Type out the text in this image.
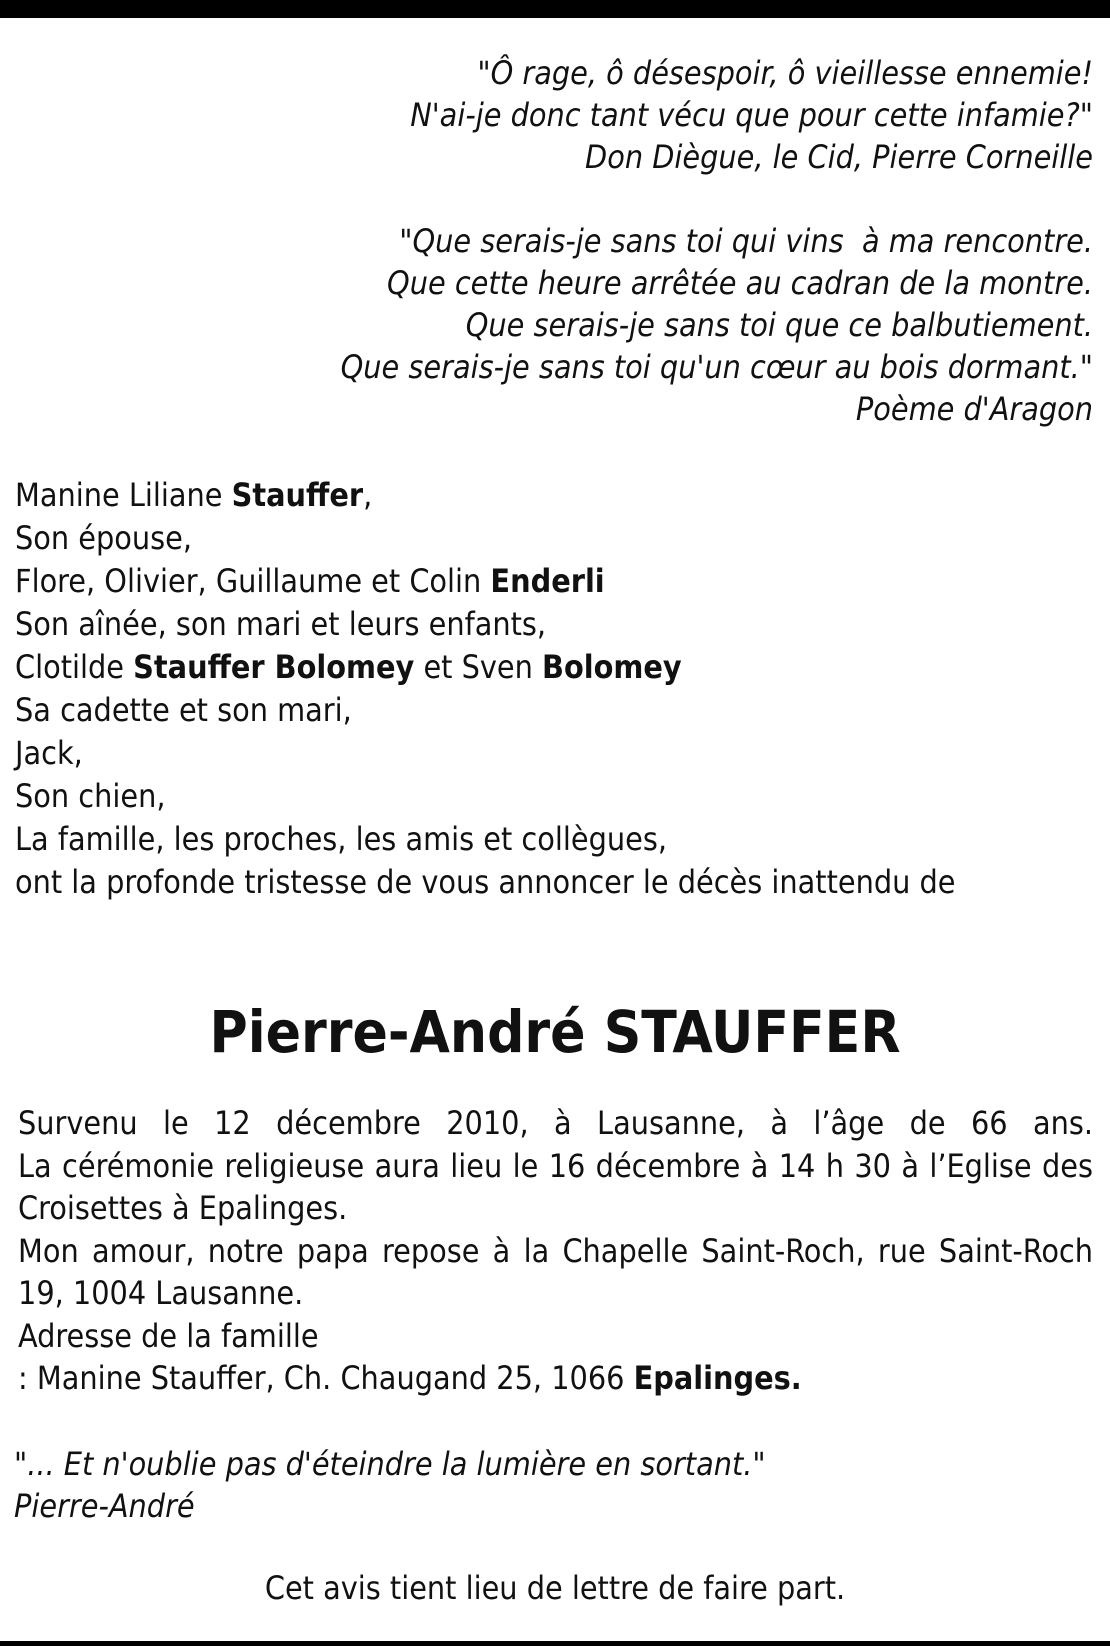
"Ô rage, ô désespoir, ô vieillesse ennemie!
N'ai-je donc tant vécu que pour cette infamie?"
Don Diègue, le Cid, Pierre Corneille
"Que serais-je sans toi qui vins  à ma rencontre.
Que cette heure arrêtée au cadran de la montre.
Que serais-je sans toi que ce balbutiement.
Que serais-je sans toi qu'un cœur au bois dormant."
Poème d'Aragon
Manine Liliane Stauffer,
Son épouse,
Flore, Olivier, Guillaume et Colin Enderli
Son aînée, son mari et leurs enfants,
Clotilde Stauffer Bolomey et Sven Bolomey
Sa cadette et son mari,
Jack,
Son chien,
La famille, les proches, les amis et collègues,
ont la profonde tristesse de vous annoncer le décès inattendu de
Pierre-André STAUFFER
Survenu le 12 décembre 2010, à Lausanne, à l’âge de 66 ans.
La cérémonie religieuse aura lieu le 16 décembre à 14 h 30 à l’Eglise des
Croisettes à Epalinges.
Mon amour, notre papa repose à la Chapelle Saint-Roch, rue Saint-Roch
19, 1004 Lausanne.
Adresse de la famille
: Manine Stauffer, Ch. Chaugand 25, 1066 Epalinges.
"... Et n'oublie pas d'éteindre la lumière en sortant."
Pierre-André
Cet avis tient lieu de lettre de faire part.
